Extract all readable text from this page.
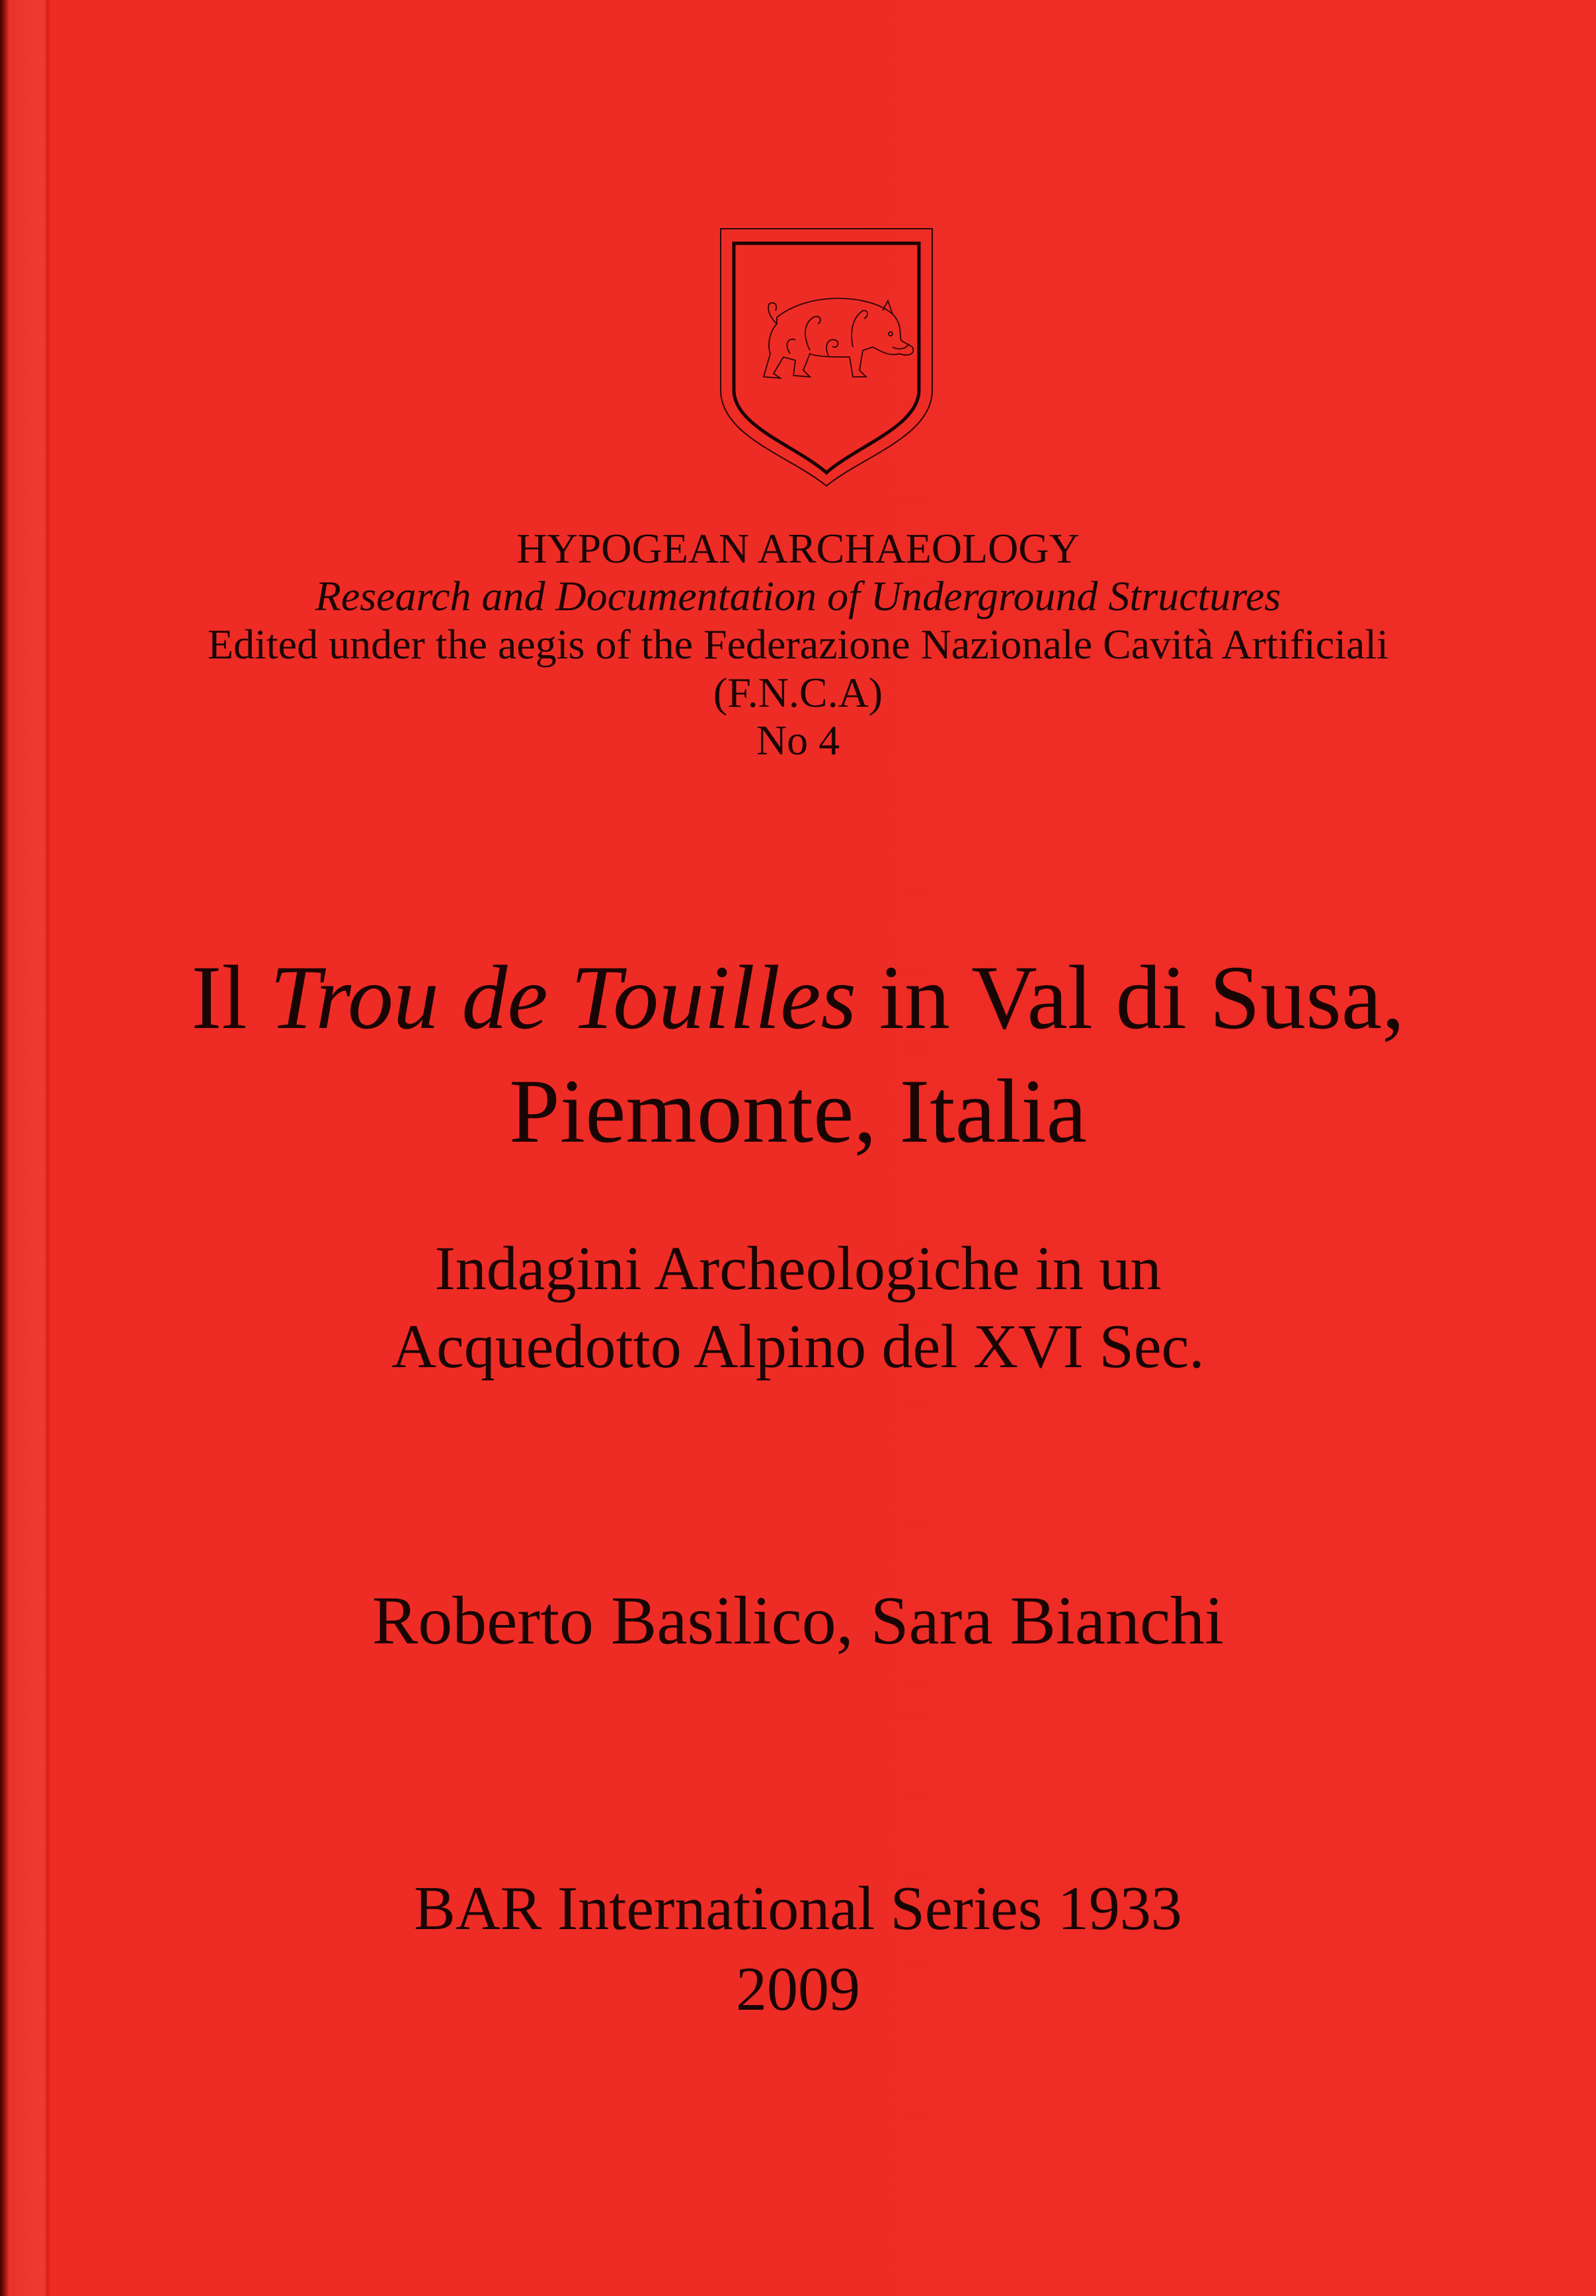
HYPOGEAN ARCHAEOLOGY
Research and Documentation of Underground Structures
Edited under the aegis of the Federazione Nazionale Cavità Artificiali
(F.N.C.A)
No 4
Il Trou de Touilles in Val di Susa,
Piemonte, Italia
Indagini Archeologiche in un
Acquedotto Alpino del XVI Sec.
Roberto Basilico, Sara Bianchi
BAR International Series 1933
2009
